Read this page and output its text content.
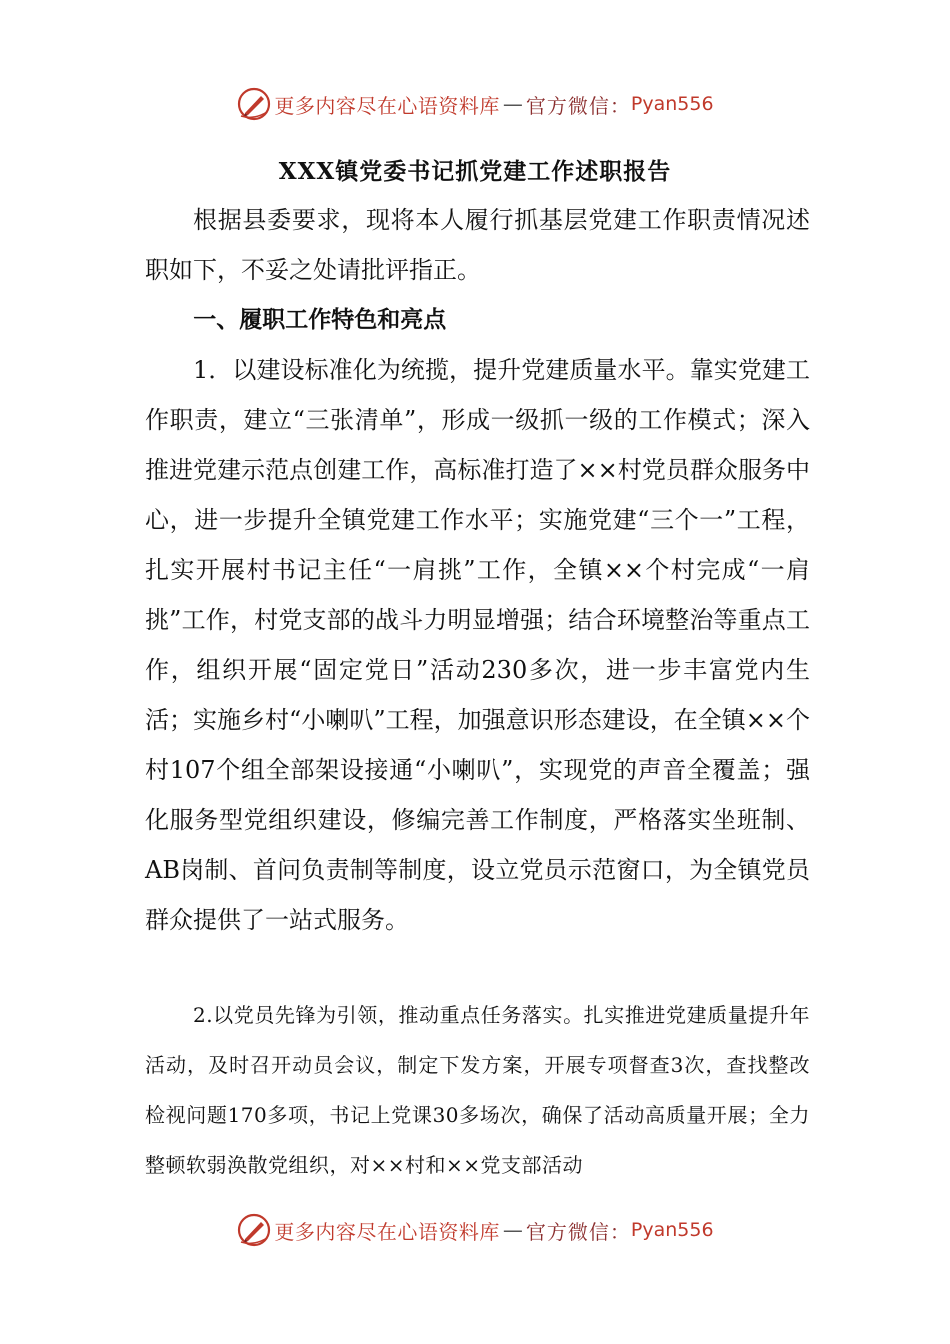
更多内容尽在心语资料库 — 官方微信： Pyan556
XXX镇党委书记抓党建工作述职报告

根据县委要求，现将本人履行抓基层党建工作职责情况述职如下，不妥之处请批评指正。

一、履职工作特色和亮点

1．以建设标准化为统揽，提升党建质量水平。靠实党建工作职责，建立“三张清单”，形成一级抓一级的工作模式；深入推进党建示范点创建工作，高标准打造了××村党员群众服务中心，进一步提升全镇党建工作水平；实施党建“三个一”工程，扎实开展村书记主任“一肩挑”工作，全镇××个村完成“一肩挑”工作，村党支部的战斗力明显增强；结合环境整治等重点工作，组织开展“固定党日”活动230多次，进一步丰富党内生活；实施乡村“小喇叭”工程，加强意识形态建设，在全镇××个村107个组全部架设接通“小喇叭”，实现党的声音全覆盖；强化服务型党组织建设，修编完善工作制度，严格落实坐班制、AB岗制、首问负责制等制度，设立党员示范窗口，为全镇党员群众提供了一站式服务。

2.以党员先锋为引领，推动重点任务落实。扎实推进党建质量提升年活动，及时召开动员会议，制定下发方案，开展专项督查3次，查找整改检视问题170多项，书记上党课30多场次，确保了活动高质量开展；全力整顿软弱涣散党组织，对××村和××党支部活动

更多内容尽在心语资料库 — 官方微信： Pyan556
